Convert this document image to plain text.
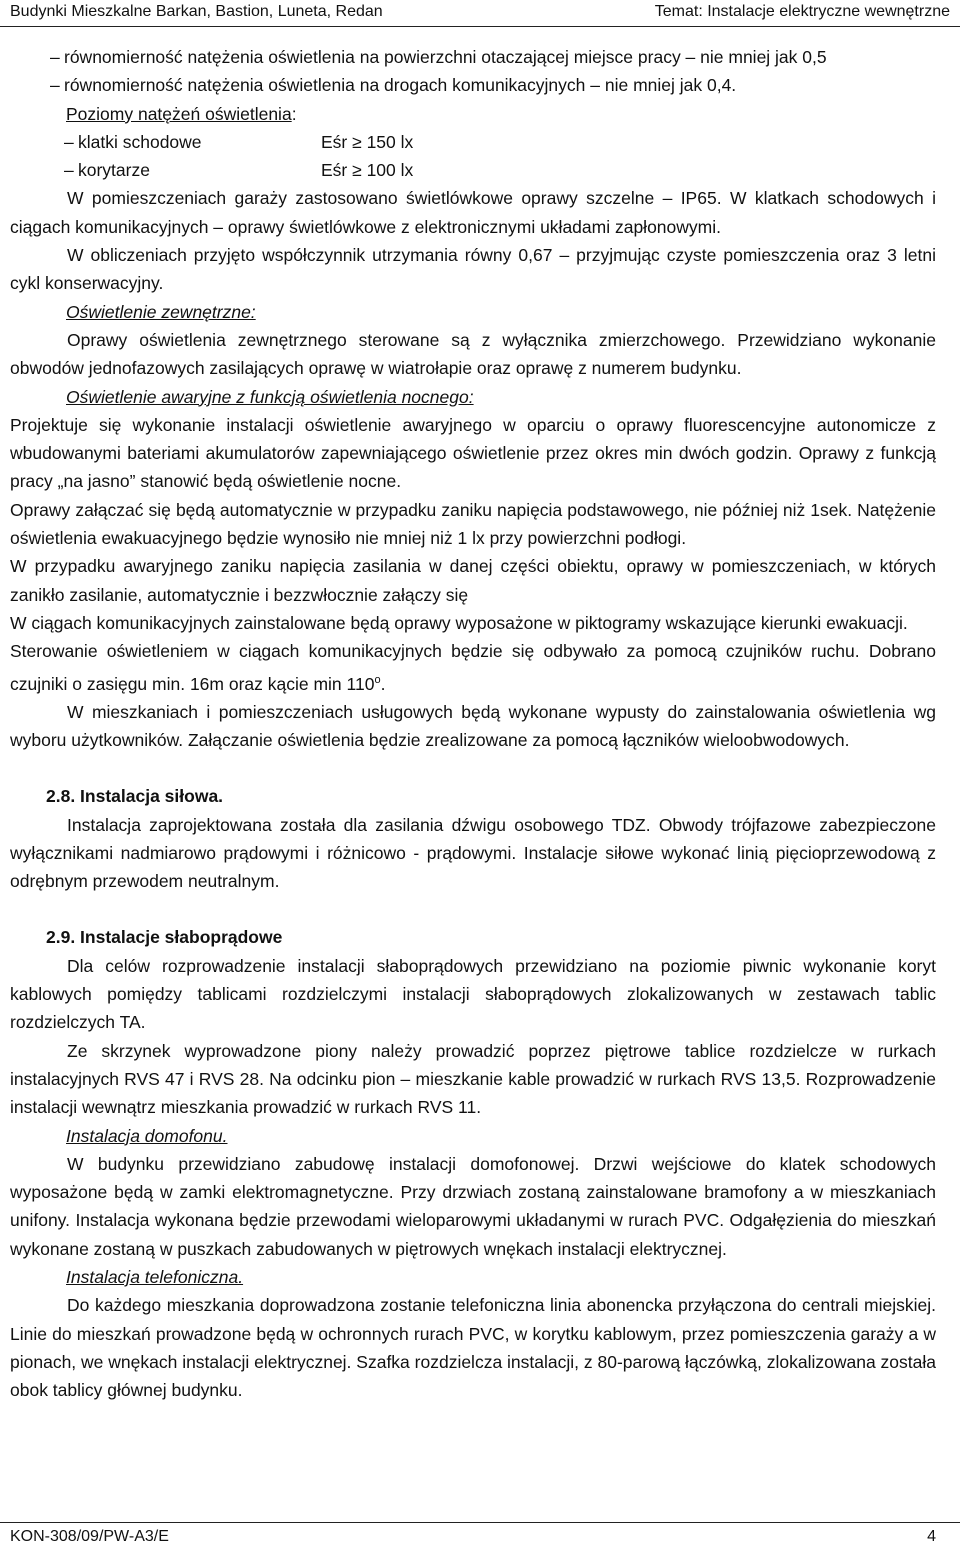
Budynki Mieszkalne Barkan, Bastion, Luneta, Redan	Temat: Instalacje elektryczne wewnętrzne
– równomierność natężenia oświetlenia na powierzchni otaczającej miejsce pracy – nie mniej jak 0,5
– równomierność natężenia oświetlenia na drogach komunikacyjnych – nie mniej jak 0,4.
Poziomy natężeń oświetlenia:
– klatki schodowe	Eśr ≥ 150 lx
– korytarze	Eśr ≥ 100 lx
W pomieszczeniach garaży zastosowano świetlówkowe oprawy szczelne – IP65. W klatkach schodowych i ciągach komunikacyjnych – oprawy świetlówkowe z elektronicznymi układami zapłonowymi.
W obliczeniach przyjęto współczynnik utrzymania równy 0,67 – przyjmując czyste pomieszczenia oraz 3 letni cykl konserwacyjny.
Oświetlenie zewnętrzne:
Oprawy oświetlenia zewnętrznego sterowane są z wyłącznika zmierzchowego. Przewidziano wykonanie obwodów jednofazowych zasilających oprawę w wiatrołapie oraz oprawę z numerem budynku.
Oświetlenie awaryjne z funkcją oświetlenia nocnego:
Projektuje się wykonanie instalacji oświetlenie awaryjnego w oparciu o oprawy fluorescencyjne autonomicze z wbudowanymi bateriami akumulatorów zapewniającego oświetlenie przez okres min dwóch godzin. Oprawy z funkcją pracy „na jasno” stanowić będą oświetlenie nocne.
Oprawy załączać się będą automatycznie w przypadku zaniku napięcia podstawowego, nie później niż 1sek. Natężenie oświetlenia ewakuacyjnego będzie wynosiło nie mniej niż 1 lx przy powierzchni podłogi.
W przypadku awaryjnego zaniku napięcia zasilania w danej części obiektu, oprawy w pomieszczeniach, w których zanikło zasilanie, automatycznie i bezzwłocznie załączy się
W ciągach komunikacyjnych zainstalowane będą oprawy wyposażone w piktogramy wskazujące kierunki ewakuacji.
Sterowanie oświetleniem w ciągach komunikacyjnych będzie się odbywało za pomocą czujników ruchu. Dobrano czujniki o zasięgu min. 16m oraz kącie min 110$^o$.
W mieszkaniach i pomieszczeniach usługowych będą wykonane wypusty do zainstalowania oświetlenia wg wyboru użytkowników. Załączanie oświetlenia będzie zrealizowane za pomocą łączników wieloobwodowych.
2.8. Instalacja siłowa.
Instalacja zaprojektowana została dla zasilania dźwigu osobowego TDZ. Obwody trójfazowe zabezpieczone wyłącznikami nadmiarowo prądowymi i różnicowo - prądowymi. Instalacje siłowe wykonać linią pięcioprzewodową z odrębnym przewodem neutralnym.
2.9. Instalacje słaboprądowe
Dla celów rozprowadzenie instalacji słaboprądowych przewidziano na poziomie piwnic wykonanie koryt kablowych pomiędzy tablicami rozdzielczymi instalacji słaboprądowych zlokalizowanych w zestawach tablic rozdzielczych TA.
Ze skrzynek wyprowadzone piony należy prowadzić poprzez piętrowe tablice rozdzielcze w rurkach instalacyjnych RVS 47 i RVS 28. Na odcinku pion – mieszkanie kable prowadzić w rurkach RVS 13,5. Rozprowadzenie instalacji wewnątrz mieszkania prowadzić w rurkach RVS 11.
Instalacja domofonu.
W budynku przewidziano zabudowę instalacji domofonowej. Drzwi wejściowe do klatek schodowych wyposażone będą w zamki elektromagnetyczne. Przy drzwiach zostaną zainstalowane bramofony a w mieszkaniach unifony. Instalacja wykonana będzie przewodami wieloparowymi układanymi w rurach PVC. Odgałęzienia do mieszkań wykonane zostaną w puszkach zabudowanych w piętrowych wnękach instalacji elektrycznej.
Instalacja telefoniczna.
Do każdego mieszkania doprowadzona zostanie telefoniczna linia abonencka przyłączona do centrali miejskiej. Linie do mieszkań prowadzone będą w ochronnych rurach PVC, w korytku kablowym, przez pomieszczenia garaży a w pionach, we wnękach instalacji elektrycznej. Szafka rozdzielcza instalacji, z 80-parową łączówką, zlokalizowana została obok tablicy głównej budynku.
KON-308/09/PW-A3/E	4
